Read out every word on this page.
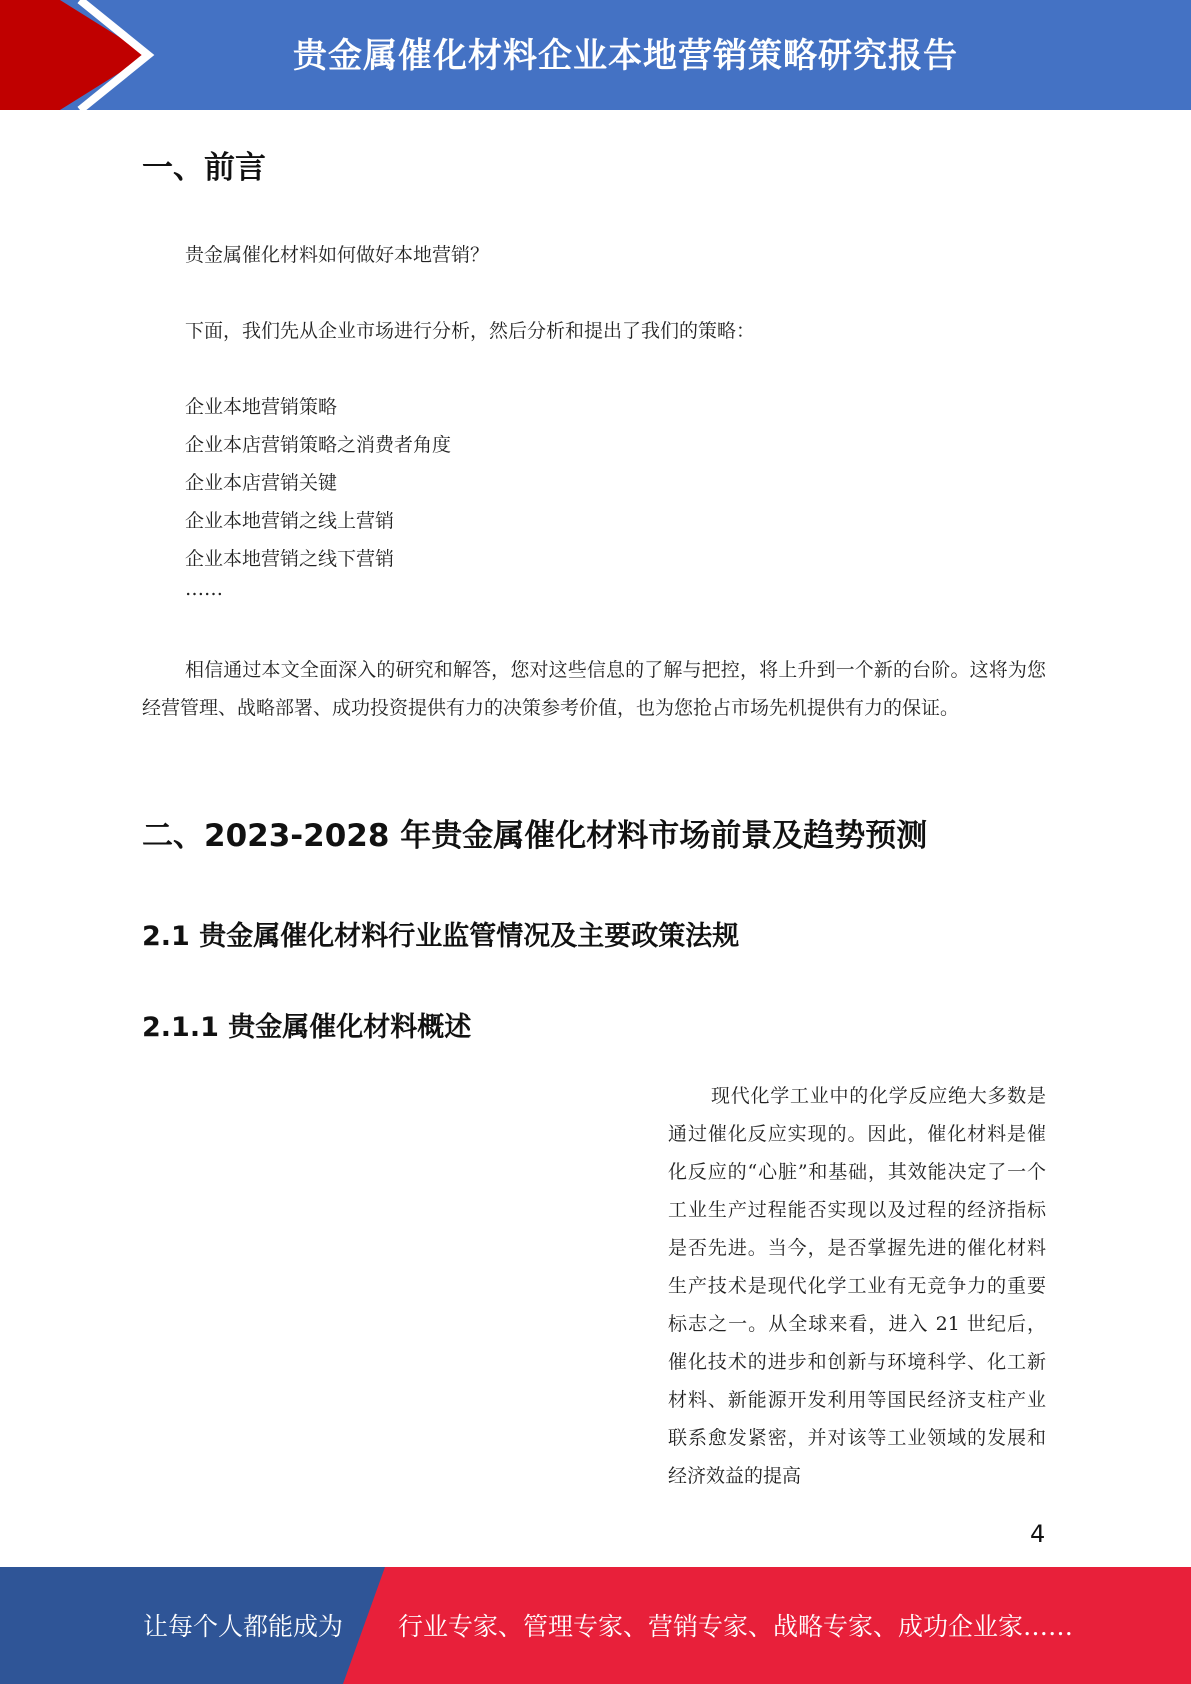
贵金属催化材料企业本地营销策略研究报告
一、前言
贵金属催化材料如何做好本地营销？
下面，我们先从企业市场进行分析，然后分析和提出了我们的策略：
企业本地营销策略
企业本店营销策略之消费者角度
企业本店营销关键
企业本地营销之线上营销
企业本地营销之线下营销
……

相信通过本文全面深入的研究和解答，您对这些信息的了解与把控，将上升到一个新的台阶。这将为您经营管理、战略部署、成功投资提供有力的决策参考价值，也为您抢占市场先机提供有力的保证。

二、2023-2028 年贵金属催化材料市场前景及趋势预测
2.1 贵金属催化材料行业监管情况及主要政策法规
2.1.1 贵金属催化材料概述

现代化学工业中的化学反应绝大多数是通过催化反应实现的。因此，催化材料是催化反应的“心脏”和基础，其效能决定了一个工业生产过程能否实现以及过程的经济指标是否先进。当今，是否掌握先进的催化材料生产技术是现代化学工业有无竞争力的重要标志之一。从全球来看，进入 21 世纪后，催化技术的进步和创新与环境科学、化工新材料、新能源开发利用等国民经济支柱产业联系愈发紧密，并对该等工业领域的发展和经济效益的提高

4
让每个人都能成为 行业专家、管理专家、营销专家、战略专家、成功企业家……
